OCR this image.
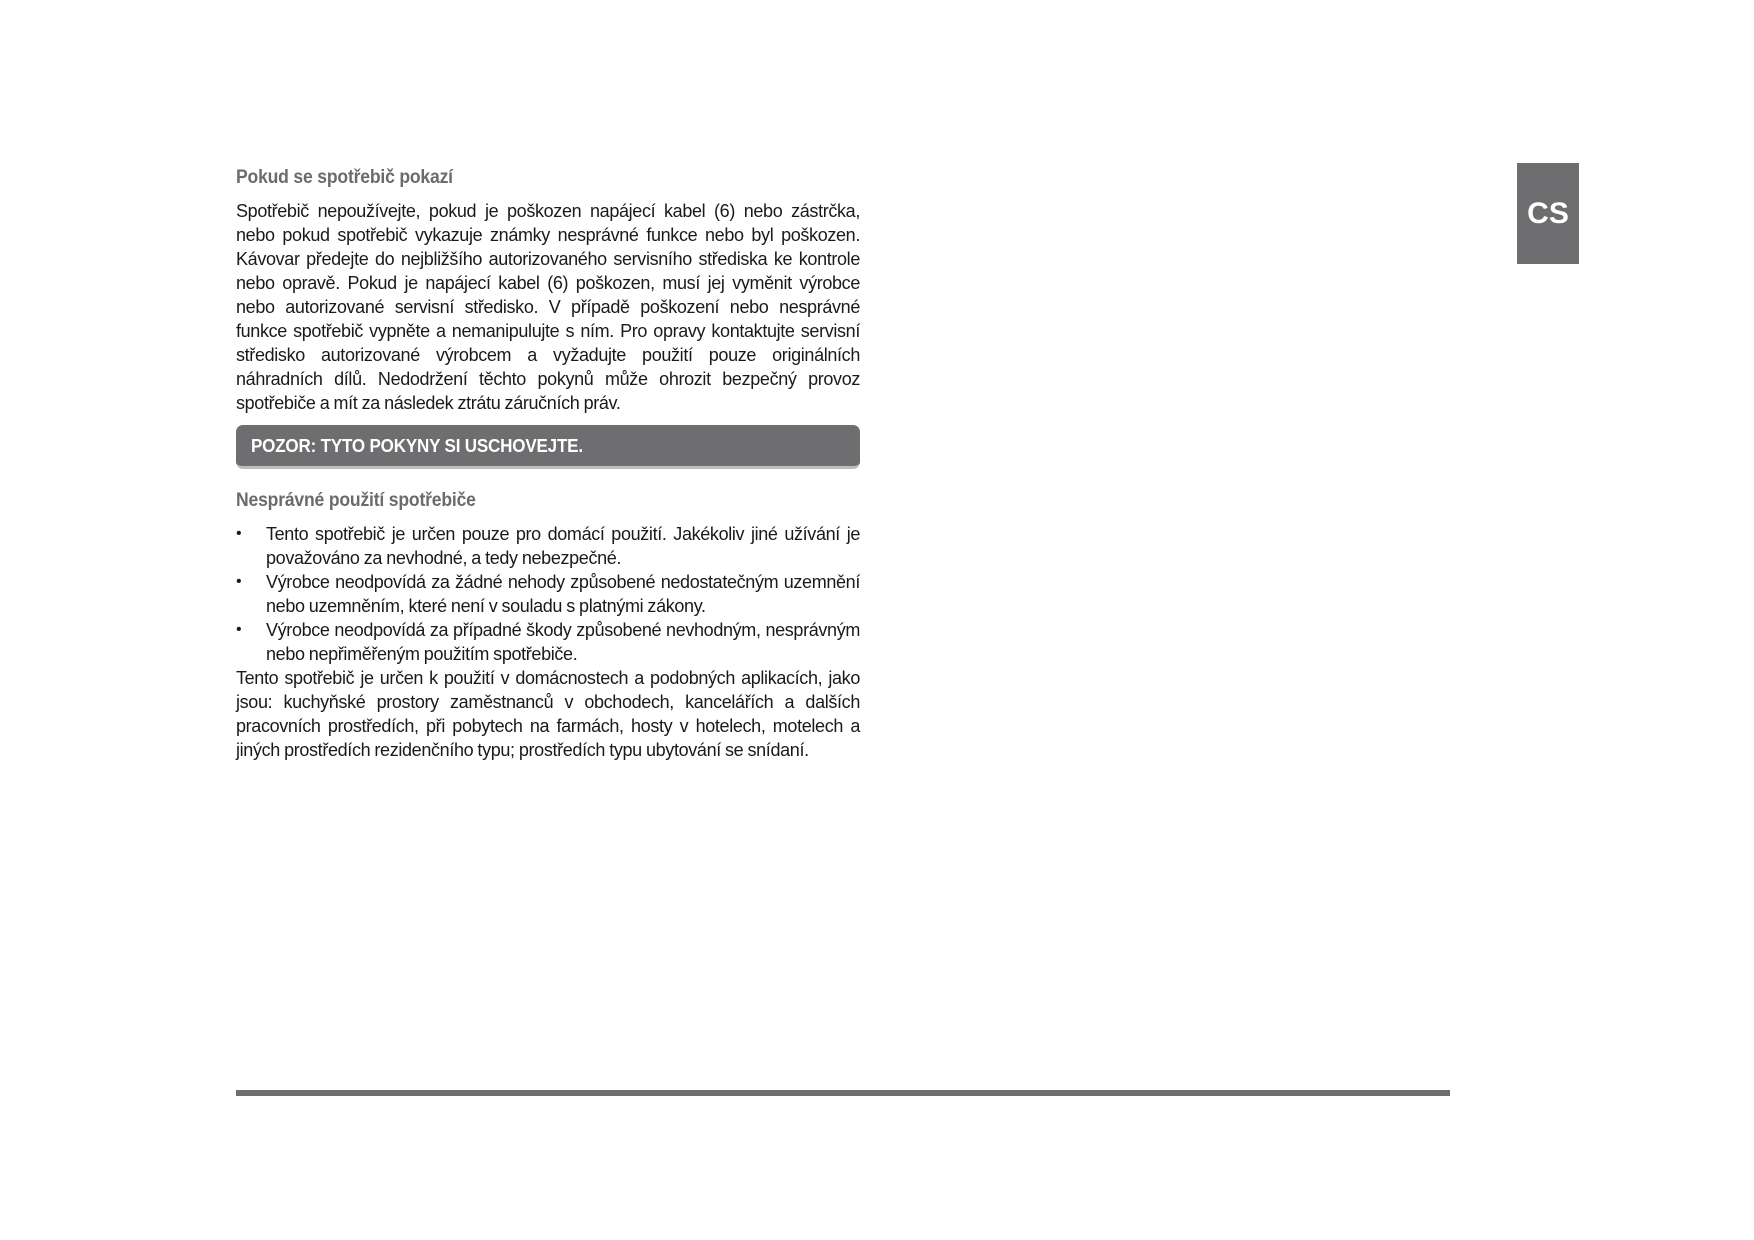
Pokud se spotřebič pokazí

Spotřebič nepoužívejte, pokud je poškozen napájecí kabel (6) nebo zástrčka, nebo pokud spotřebič vykazuje známky nesprávné funkce nebo byl poškozen. Kávovar předejte do nejbližšího autorizovaného servisního střediska ke kontrole nebo opravě. Pokud je napájecí kabel (6) poškozen, musí jej vyměnit výrobce nebo autorizované servisní středisko. V případě poškození nebo nesprávné funkce spotřebič vypněte a nemanipulujte s ním. Pro opravy kontaktujte servisní středisko autorizované výrobcem a vyžadujte použití pouze originálních náhradních dílů. Nedodržení těchto pokynů může ohrozit bezpečný provoz spotřebiče a mít za následek ztrátu záručních práv.

POZOR: TYTO POKYNY SI USCHOVEJTE.
Nesprávné použití spotřebiče
• Tento spotřebič je určen pouze pro domácí použití. Jakékoliv jiné užívání je považováno za nevhodné, a tedy nebezpečné.
• Výrobce neodpovídá za žádné nehody způsobené nedostatečným uzemnění nebo uzemněním, které není v souladu s platnými zákony.
• Výrobce neodpovídá za případné škody způsobené nevhodným, nesprávným nebo nepřiměřeným použitím spotřebiče.

Tento spotřebič je určen k použití v domácnostech a podobných aplikacích, jako jsou: kuchyňské prostory zaměstnanců v obchodech, kancelářích a dalších pracovních prostředích, při pobytech na farmách, hosty v hotelech, motelech a jiných prostředích rezidenčního typu; prostředích typu ubytování se snídaní.

CS
